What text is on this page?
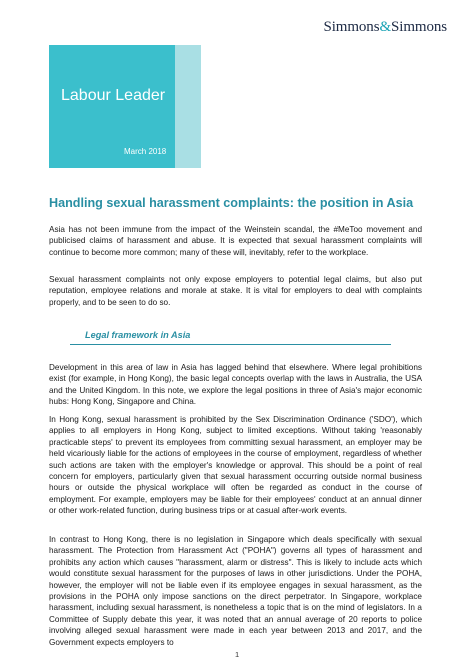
Simmons&Simmons
Labour Leader
March 2018
Handling sexual harassment complaints: the position in Asia

Asia has not been immune from the impact of the Weinstein scandal, the #MeToo movement and publicised claims of harassment and abuse. It is expected that sexual harassment complaints will continue to become more common; many of these will, inevitably, refer to the workplace.

Sexual harassment complaints not only expose employers to potential legal claims, but also put reputation, employee relations and morale at stake. It is vital for employers to deal with complaints properly, and to be seen to do so.

Legal framework in Asia

Development in this area of law in Asia has lagged behind that elsewhere. Where legal prohibitions exist (for example, in Hong Kong), the basic legal concepts overlap with the laws in Australia, the USA and the United Kingdom. In this note, we explore the legal positions in three of Asia's major economic hubs: Hong Kong, Singapore and China.

In Hong Kong, sexual harassment is prohibited by the Sex Discrimination Ordinance ('SDO'), which applies to all employers in Hong Kong, subject to limited exceptions. Without taking 'reasonably practicable steps' to prevent its employees from committing sexual harassment, an employer may be held vicariously liable for the actions of employees in the course of employment, regardless of whether such actions are taken with the employer's knowledge or approval. This should be a point of real concern for employers, particularly given that sexual harassment occurring outside normal business hours or outside the physical workplace will often be regarded as conduct in the course of employment. For example, employers may be liable for their employees' conduct at an annual dinner or other work-related function, during business trips or at casual after-work events.

In contrast to Hong Kong, there is no legislation in Singapore which deals specifically with sexual harassment. The Protection from Harassment Act ("POHA") governs all types of harassment and prohibits any action which causes "harassment, alarm or distress". This is likely to include acts which would constitute sexual harassment for the purposes of laws in other jurisdictions. Under the POHA, however, the employer will not be liable even if its employee engages in sexual harassment, as the provisions in the POHA only impose sanctions on the direct perpetrator. In Singapore, workplace harassment, including sexual harassment, is nonetheless a topic that is on the mind of legislators. In a Committee of Supply debate this year, it was noted that an annual average of 20 reports to police involving alleged sexual harassment were made in each year between 2013 and 2017, and the Government expects employers to

1
